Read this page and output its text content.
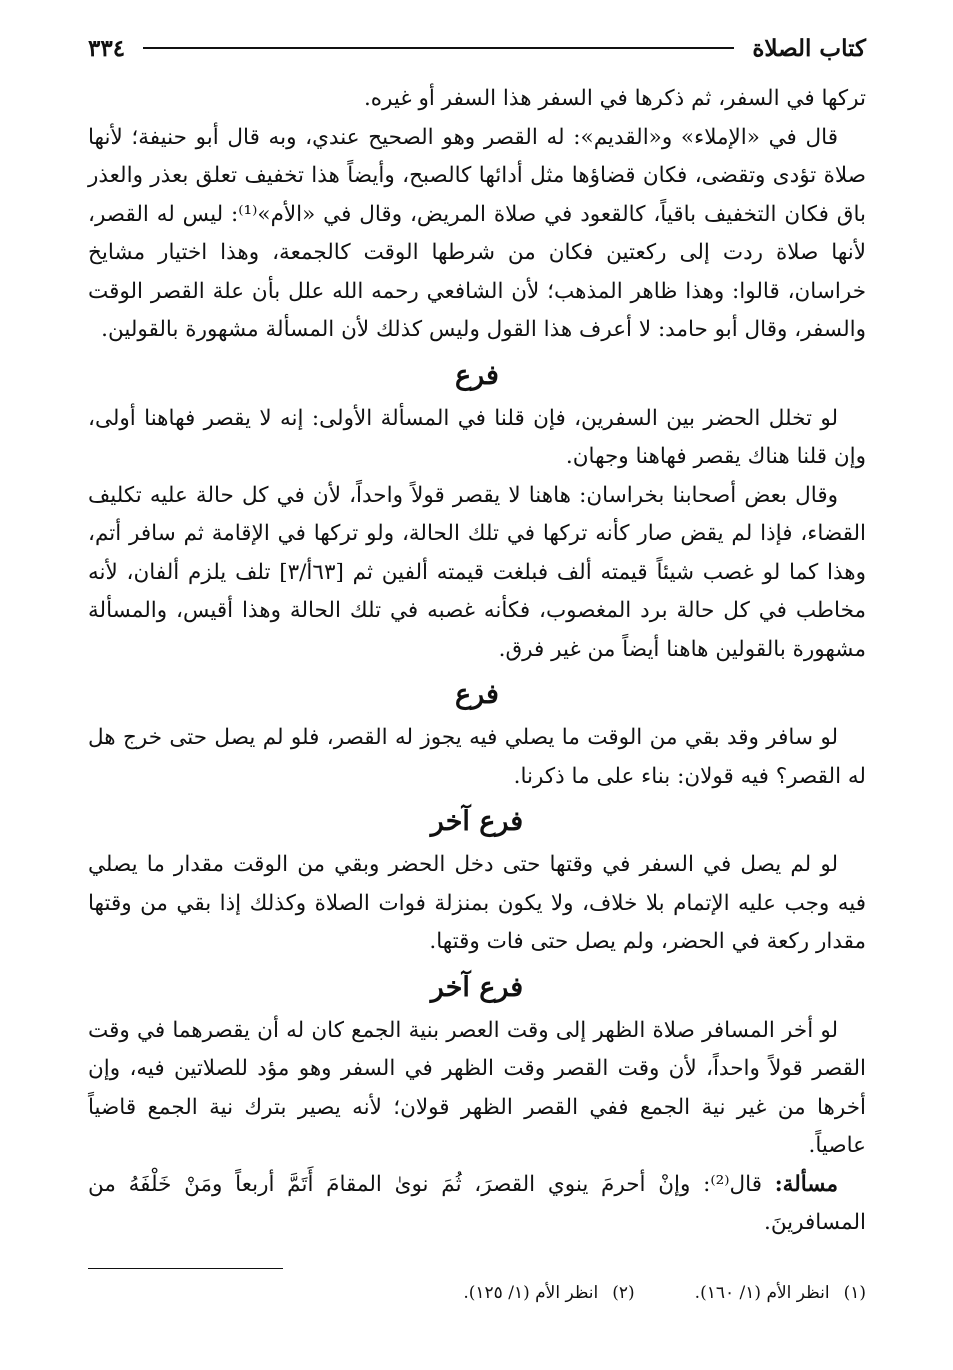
كتاب الصلاة
٣٣٤

تركها في السفر، ثم ذكرها في السفر هذا السفر أو غيره.

قال في «الإملاء» و«القديم»: له القصر وهو الصحيح عندي، وبه قال أبو حنيفة؛ لأنها صلاة تؤدى وتقضى، فكان قضاؤها مثل أدائها كالصبح، وأيضاً هذا تخفيف تعلق بعذر والعذر باق فكان التخفيف باقياً، كالقعود في صلاة المريض، وقال في «الأم»⁽¹⁾: ليس له القصر، لأنها صلاة ردت إلى ركعتين فكان من شرطها الوقت كالجمعة، وهذا اختيار مشايخ خراسان، قالوا: وهذا ظاهر المذهب؛ لأن الشافعي رحمه الله علل بأن علة القصر الوقت والسفر، وقال أبو حامد: لا أعرف هذا القول وليس كذلك لأن المسألة مشهورة بالقولين.

فرع

لو تخلل الحضر بين السفرين، فإن قلنا في المسألة الأولى: إنه لا يقصر فهاهنا أولى، وإن قلنا هناك يقصر فهاهنا وجهان.

وقال بعض أصحابنا بخراسان: هاهنا لا يقصر قولاً واحداً، لأن في كل حالة عليه تكليف القضاء، فإذا لم يقض صار كأنه تركها في تلك الحالة، ولو تركها في الإقامة ثم سافر أتم، وهذا كما لو غصب شيئاً قيمته ألف فبلغت قيمته ألفين ثم [٦٣أ/٣] تلف يلزم ألفان، لأنه مخاطب في كل حالة برد المغصوب، فكأنه غصبه في تلك الحالة وهذا أقيس، والمسألة مشهورة بالقولين هاهنا أيضاً من غير فرق.

فرع

لو سافر وقد بقي من الوقت ما يصلي فيه يجوز له القصر، فلو لم يصل حتى خرج هل له القصر؟ فيه قولان: بناء على ما ذكرنا.

فرع آخر

لو لم يصل في السفر في وقتها حتى دخل الحضر وبقي من الوقت مقدار ما يصلي فيه وجب عليه الإتمام بلا خلاف، ولا يكون بمنزلة فوات الصلاة وكذلك إذا بقي من وقتها مقدار ركعة في الحضر، ولم يصل حتى فات وقتها.

فرع آخر

لو أخر المسافر صلاة الظهر إلى وقت العصر بنية الجمع كان له أن يقصرهما في وقت القصر قولاً واحداً، لأن وقت القصر وقت الظهر في السفر وهو مؤد للصلاتين فيه، وإن أخرها من غير نية الجمع ففي القصر الظهر قولان؛ لأنه يصير بترك نية الجمع قاضياً عاصياً.

مسألة: قال⁽²⁾: وإنْ أحرمَ ينوي القصرَ، ثُمَ نوىٰ المقامَ أَتَمَّ أربعاً ومَنْ خَلْفَهُ من المسافرينَ.

(١)انظر الأم (١/ ١٦٠).
(٢)انظر الأم (١/ ١٢٥).
